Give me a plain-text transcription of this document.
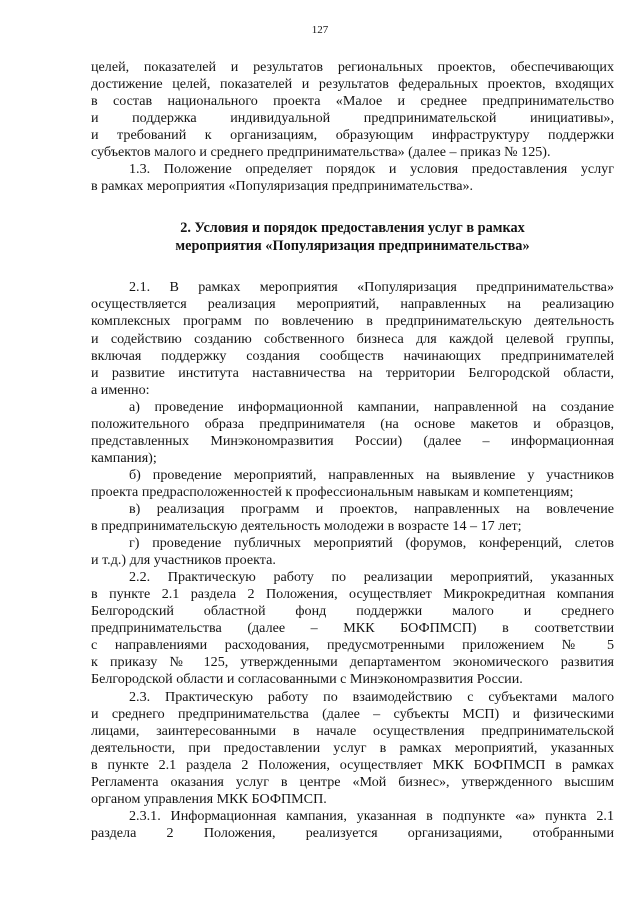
127
целей, показателей и результатов региональных проектов, обеспечивающих
достижение целей, показателей и результатов федеральных проектов, входящих
в состав национального проекта «Малое и среднее предпринимательство
и поддержка индивидуальной предпринимательской инициативы»,
и требований к организациям, образующим инфраструктуру поддержки
субъектов малого и среднего предпринимательства» (далее – приказ № 125).
1.3. Положение определяет порядок и условия предоставления услуг
в рамках мероприятия «Популяризация предпринимательства».
2. Условия и порядок предоставления услуг в рамках
мероприятия «Популяризация предпринимательства»
2.1. В рамках мероприятия «Популяризация предпринимательства»
осуществляется реализация мероприятий, направленных на реализацию
комплексных программ по вовлечению в предпринимательскую деятельность
и содействию созданию собственного бизнеса для каждой целевой группы,
включая поддержку создания сообществ начинающих предпринимателей
и развитие института наставничества на территории Белгородской области,
а именно:
а) проведение информационной кампании, направленной на создание
положительного образа предпринимателя (на основе макетов и образцов,
представленных Минэкономразвития России) (далее – информационная
кампания);
б) проведение мероприятий, направленных на выявление у участников
проекта предрасположенностей к профессиональным навыкам и компетенциям;
в) реализация программ и проектов, направленных на вовлечение
в предпринимательскую деятельность молодежи в возрасте 14 – 17 лет;
г) проведение публичных мероприятий (форумов, конференций, слетов
и т.д.) для участников проекта.
2.2. Практическую работу по реализации мероприятий, указанных
в пункте 2.1 раздела 2 Положения, осуществляет Микрокредитная компания
Белгородский областной фонд поддержки малого и среднего
предпринимательства (далее – МКК БОФПМСП) в соответствии
с направлениями расходования, предусмотренными приложением № 5
к приказу № 125, утвержденными департаментом экономического развития
Белгородской области и согласованными с Минэкономразвития России.
2.3. Практическую работу по взаимодействию с субъектами малого
и среднего предпринимательства (далее – субъекты МСП) и физическими
лицами, заинтересованными в начале осуществления предпринимательской
деятельности, при предоставлении услуг в рамках мероприятий, указанных
в пункте 2.1 раздела 2 Положения, осуществляет МКК БОФПМСП в рамках
Регламента оказания услуг в центре «Мой бизнес», утвержденного высшим
органом управления МКК БОФПМСП.
2.3.1. Информационная кампания, указанная в подпункте «а» пункта 2.1
раздела 2 Положения, реализуется организациями, отобранными
